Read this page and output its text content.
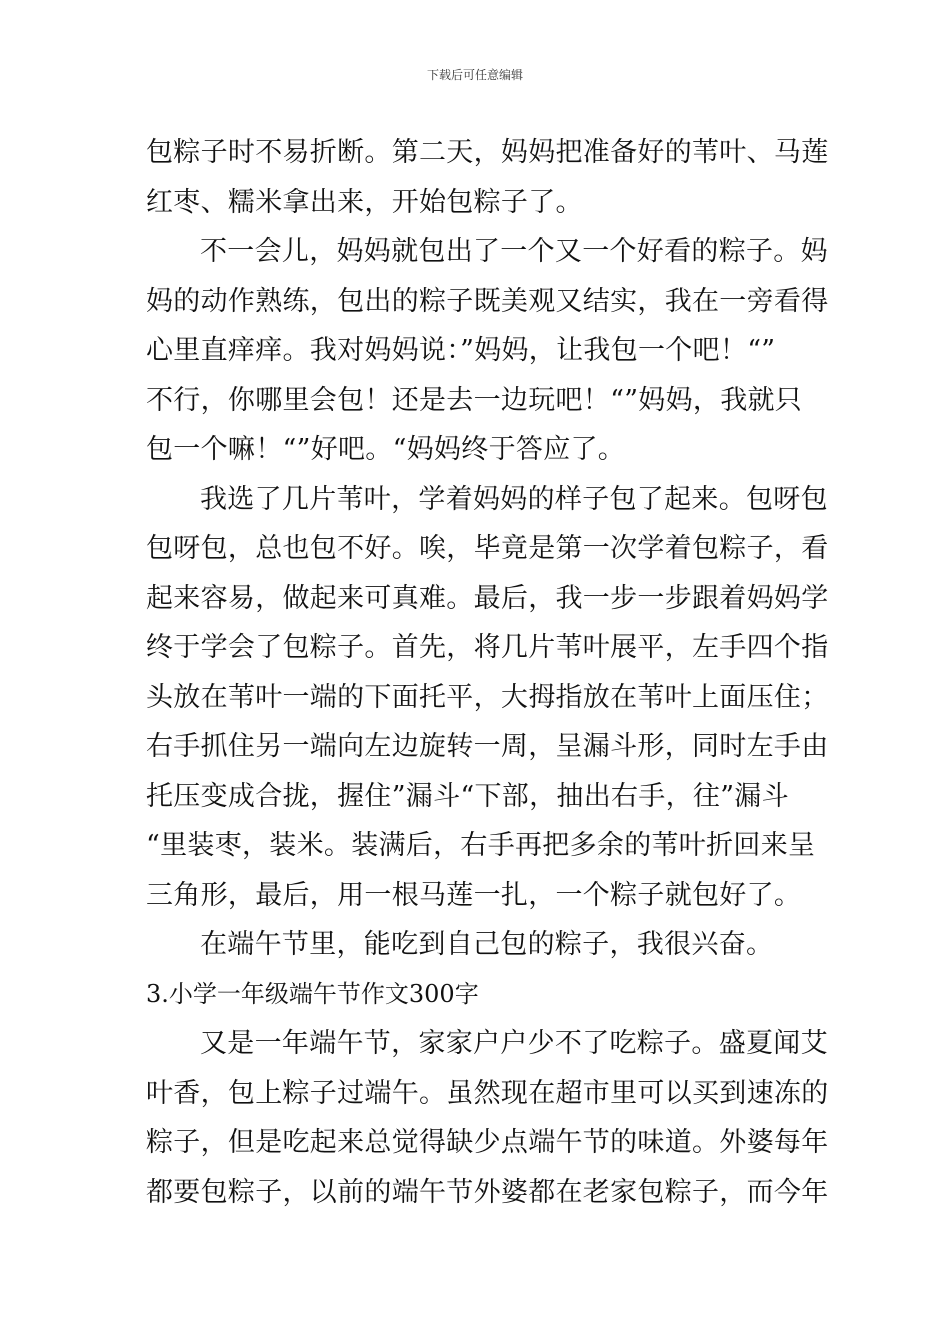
下载后可任意编辑
包粽子时不易折断。第二天，妈妈把准备好的苇叶、马莲
红枣、糯米拿出来，开始包粽子了。
不一会儿，妈妈就包出了一个又一个好看的粽子。妈
妈的动作熟练，包出的粽子既美观又结实，我在一旁看得
心里直痒痒。我对妈妈说：”妈妈，让我包一个吧！“”
不行，你哪里会包！还是去一边玩吧！“”妈妈，我就只
包一个嘛！“”好吧。“妈妈终于答应了。
我选了几片苇叶，学着妈妈的样子包了起来。包呀包
包呀包，总也包不好。唉，毕竟是第一次学着包粽子，看
起来容易，做起来可真难。最后，我一步一步跟着妈妈学
终于学会了包粽子。首先，将几片苇叶展平，左手四个指
头放在苇叶一端的下面托平，大拇指放在苇叶上面压住；
右手抓住另一端向左边旋转一周，呈漏斗形，同时左手由
托压变成合拢，握住”漏斗“下部，抽出右手，往”漏斗
“里装枣，装米。装满后，右手再把多余的苇叶折回来呈
三角形，最后，用一根马莲一扎，一个粽子就包好了。
在端午节里，能吃到自己包的粽子，我很兴奋。
3.小学一年级端午节作文300字
又是一年端午节，家家户户少不了吃粽子。盛夏闻艾
叶香，包上粽子过端午。虽然现在超市里可以买到速冻的
粽子，但是吃起来总觉得缺少点端午节的味道。外婆每年
都要包粽子，以前的端午节外婆都在老家包粽子，而今年
